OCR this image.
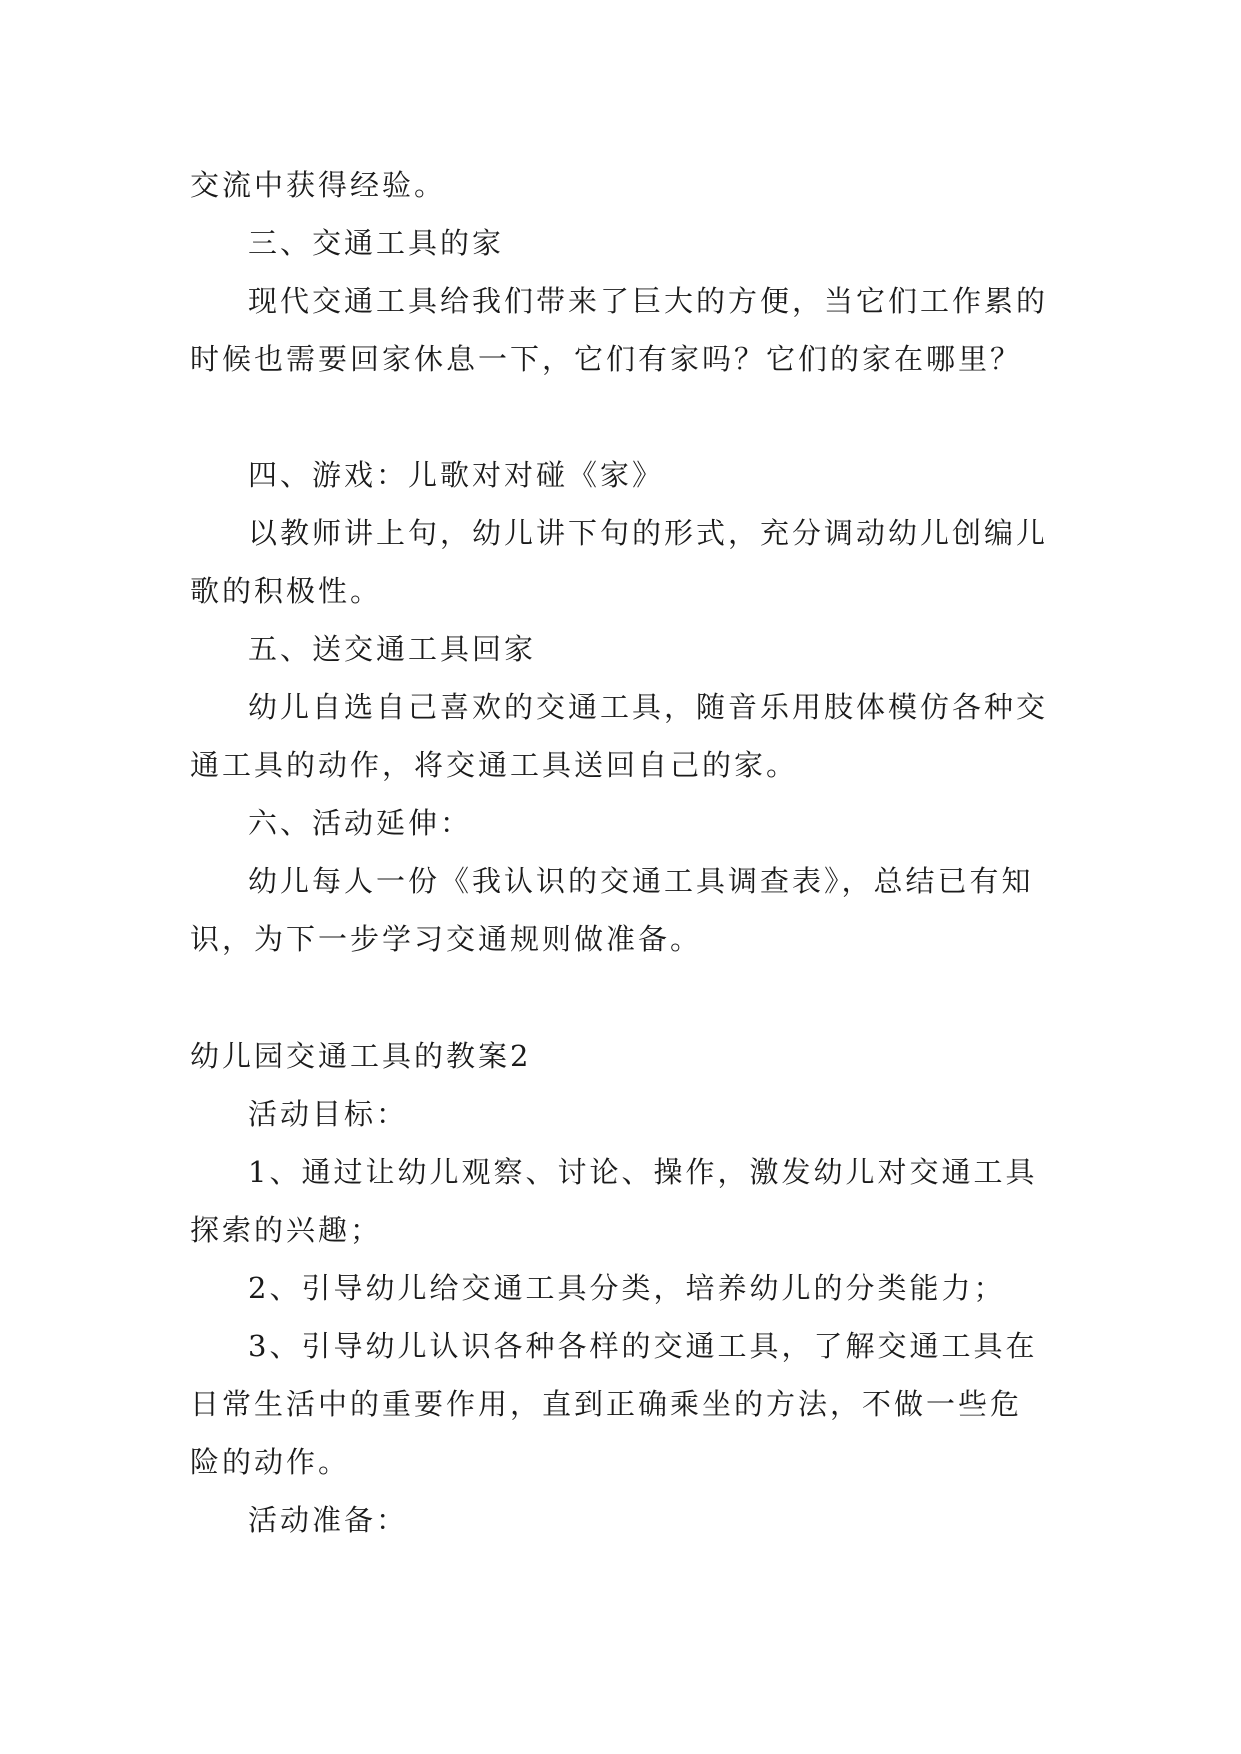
交流中获得经验。

三、交通工具的家

现代交通工具给我们带来了巨大的方便，当它们工作累的时候也需要回家休息一下，它们有家吗？它们的家在哪里？

四、游戏：儿歌对对碰《家》

以教师讲上句，幼儿讲下句的形式，充分调动幼儿创编儿歌的积极性。

五、送交通工具回家

幼儿自选自己喜欢的交通工具，随音乐用肢体模仿各种交通工具的动作，将交通工具送回自己的家。

六、活动延伸：

幼儿每人一份《我认识的交通工具调查表》，总结已有知识，为下一步学习交通规则做准备。

幼儿园交通工具的教案2

活动目标：

1、通过让幼儿观察、讨论、操作，激发幼儿对交通工具探索的兴趣；

2、引导幼儿给交通工具分类，培养幼儿的分类能力；

3、引导幼儿认识各种各样的交通工具，了解交通工具在日常生活中的重要作用，直到正确乘坐的方法，不做一些危险的动作。

活动准备：
